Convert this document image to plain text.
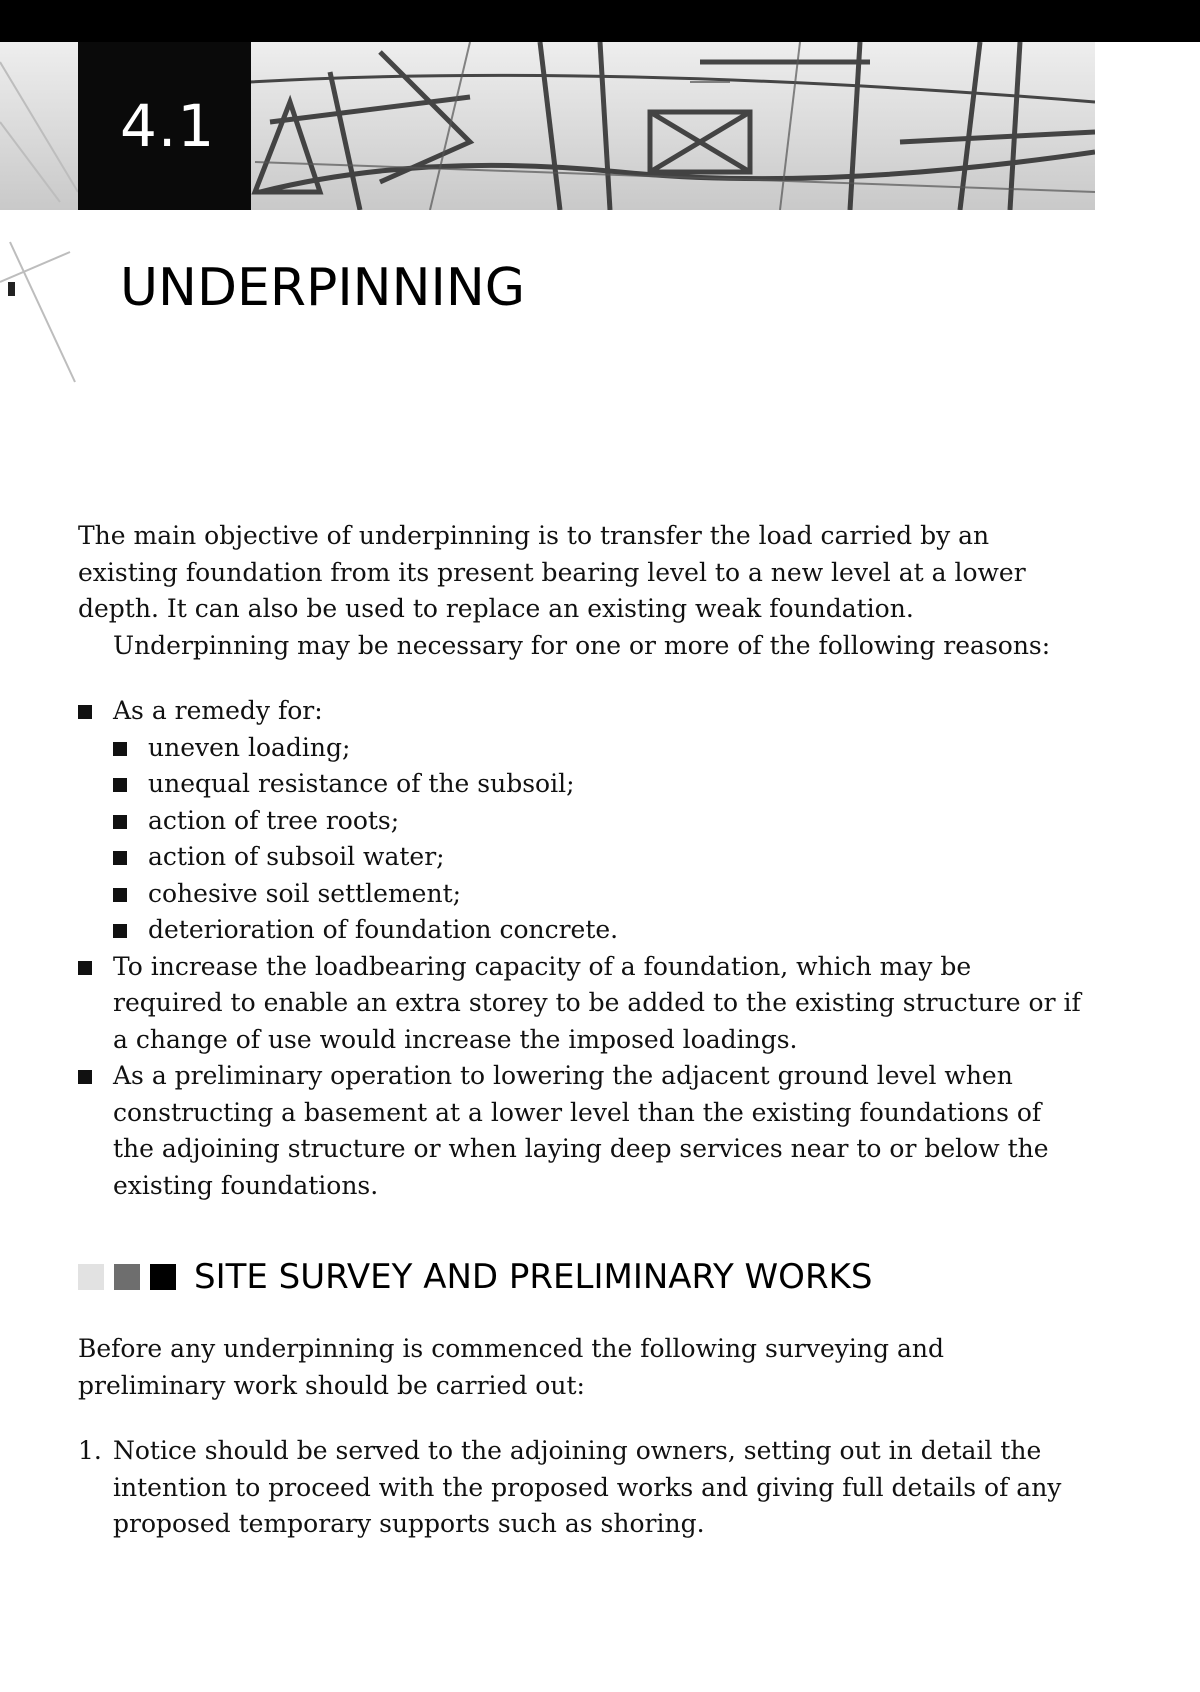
4.1
UNDERPINNING
The main objective of underpinning is to transfer the load carried by an existing foundation from its present bearing level to a new level at a lower depth. It can also be used to replace an existing weak foundation.
Underpinning may be necessary for one or more of the following reasons:
As a remedy for:
uneven loading;
unequal resistance of the subsoil;
action of tree roots;
action of subsoil water;
cohesive soil settlement;
deterioration of foundation concrete.
To increase the loadbearing capacity of a foundation, which may be required to enable an extra storey to be added to the existing structure or if a change of use would increase the imposed loadings.
As a preliminary operation to lowering the adjacent ground level when constructing a basement at a lower level than the existing foundations of the adjoining structure or when laying deep services near to or below the existing foundations.
SITE SURVEY AND PRELIMINARY WORKS

Before any underpinning is commenced the following surveying and preliminary work should be carried out:

1. Notice should be served to the adjoining owners, setting out in detail the intention to proceed with the proposed works and giving full details of any proposed temporary supports such as shoring.
